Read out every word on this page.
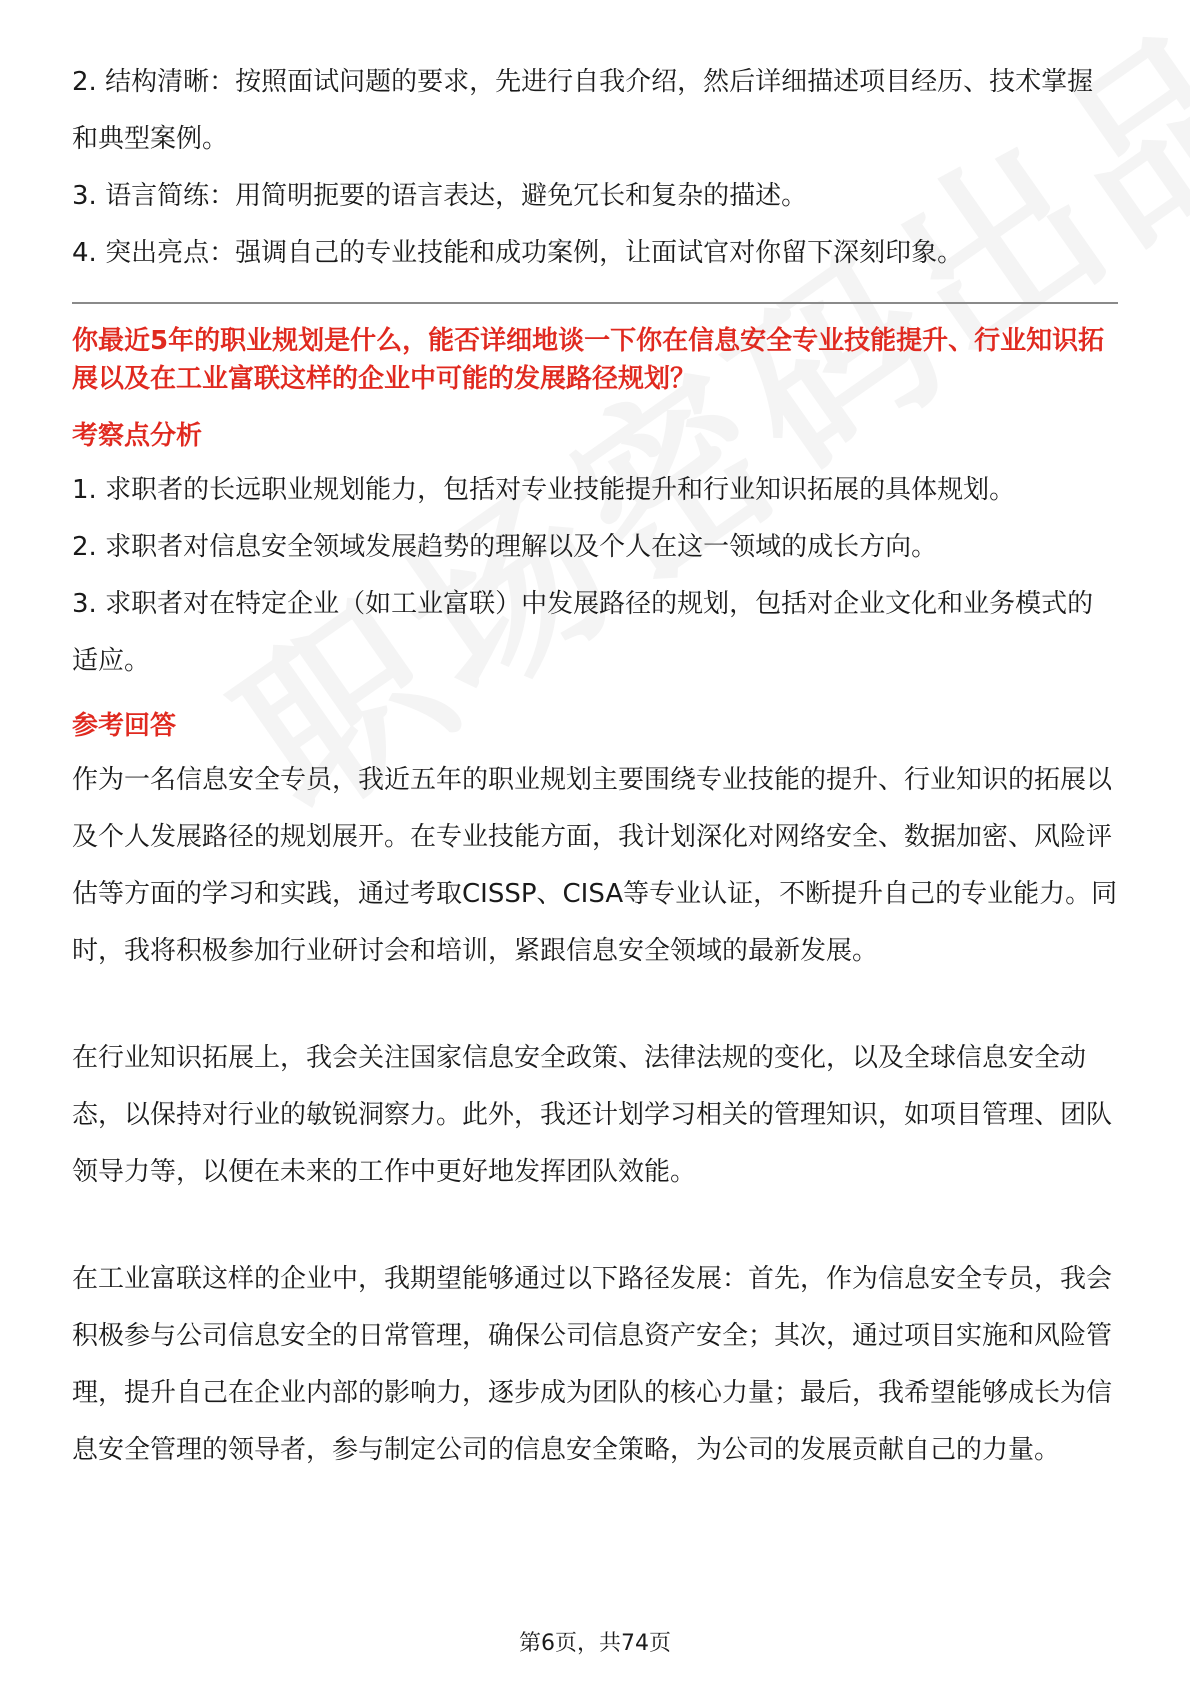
2. 结构清晰：按照面试问题的要求，先进行自我介绍，然后详细描述项目经历、技术掌握和典型案例。

3. 语言简练：用简明扼要的语言表达，避免冗长和复杂的描述。

4. 突出亮点：强调自己的专业技能和成功案例，让面试官对你留下深刻印象。

你最近5年的职业规划是什么，能否详细地谈一下你在信息安全专业技能提升、行业知识拓展以及在工业富联这样的企业中可能的发展路径规划？

考察点分析

1. 求职者的长远职业规划能力，包括对专业技能提升和行业知识拓展的具体规划。

2. 求职者对信息安全领域发展趋势的理解以及个人在这一领域的成长方向。

3. 求职者对在特定企业（如工业富联）中发展路径的规划，包括对企业文化和业务模式的适应。

参考回答

作为一名信息安全专员，我近五年的职业规划主要围绕专业技能的提升、行业知识的拓展以及个人发展路径的规划展开。在专业技能方面，我计划深化对网络安全、数据加密、风险评估等方面的学习和实践，通过考取CISSP、CISA等专业认证，不断提升自己的专业能力。同时，我将积极参加行业研讨会和培训，紧跟信息安全领域的最新发展。

在行业知识拓展上，我会关注国家信息安全政策、法律法规的变化，以及全球信息安全动态，以保持对行业的敏锐洞察力。此外，我还计划学习相关的管理知识，如项目管理、团队领导力等，以便在未来的工作中更好地发挥团队效能。

在工业富联这样的企业中，我期望能够通过以下路径发展：首先，作为信息安全专员，我会积极参与公司信息安全的日常管理，确保公司信息资产安全；其次，通过项目实施和风险管理，提升自己在企业内部的影响力，逐步成为团队的核心力量；最后，我希望能够成长为信息安全管理的领导者，参与制定公司的信息安全策略，为公司的发展贡献自己的力量。

第6页，共74页
